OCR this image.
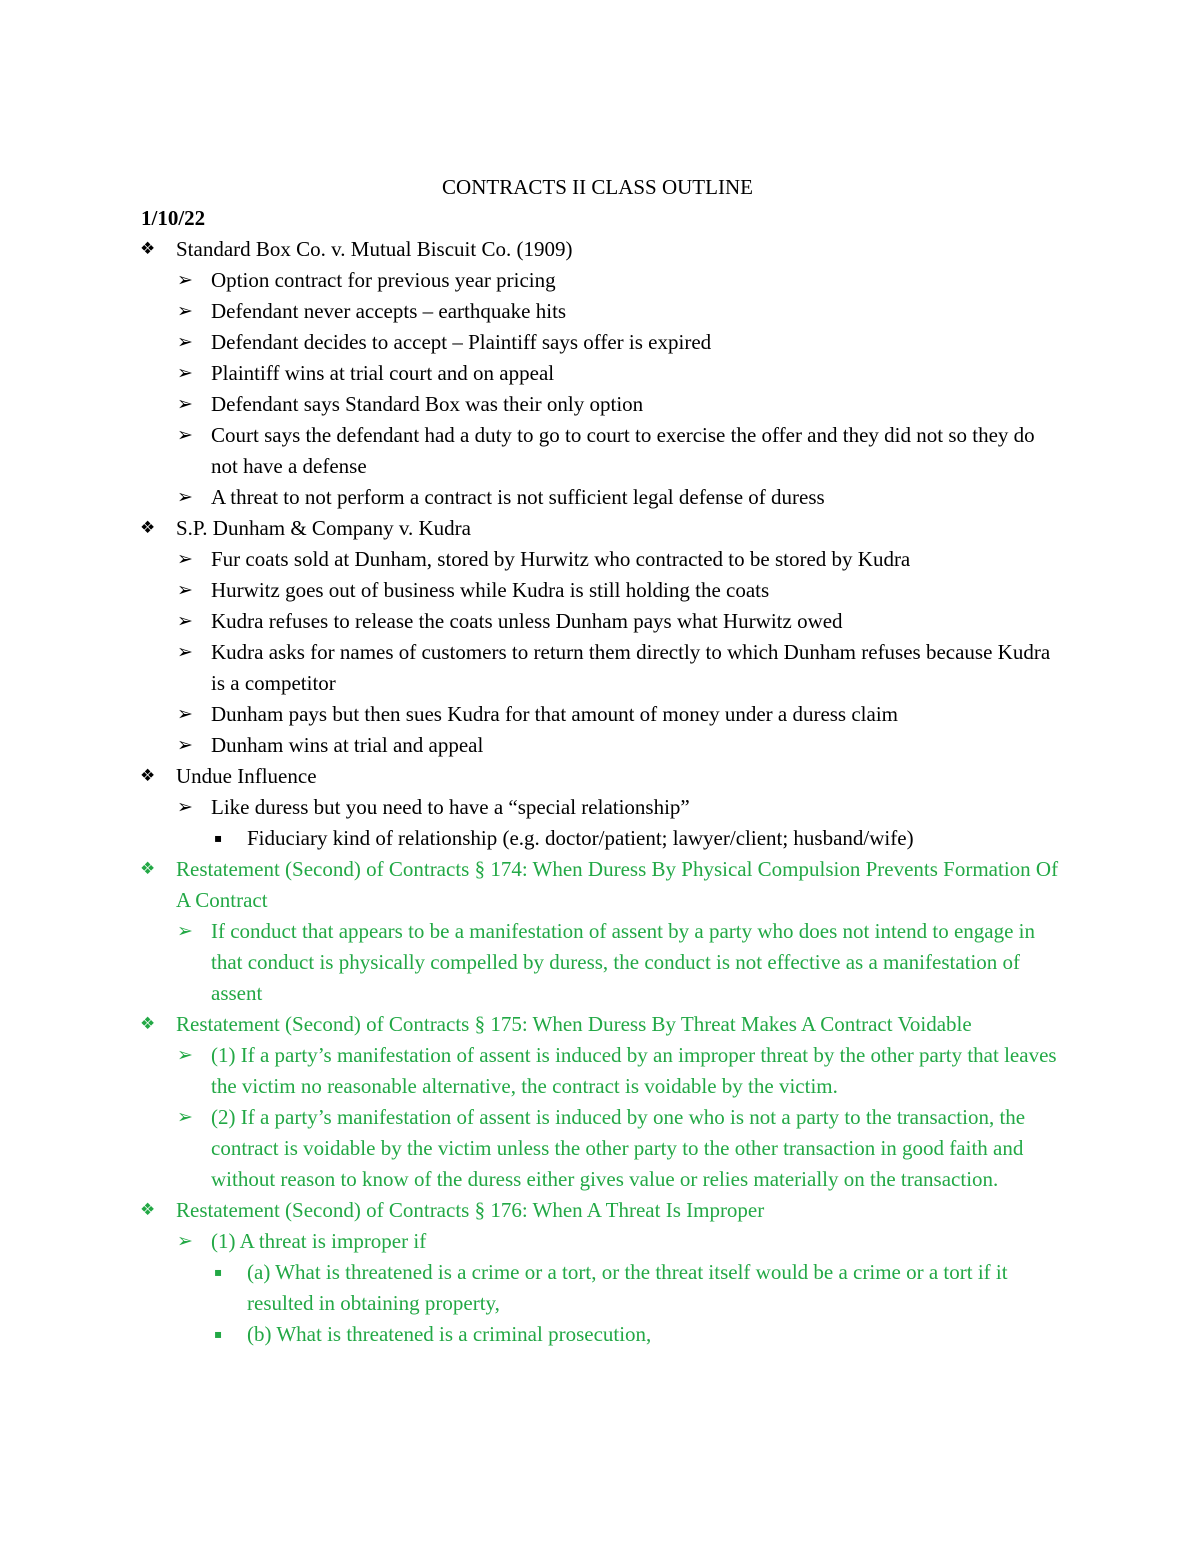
CONTRACTS II CLASS OUTLINE
1/10/22
❖ Standard Box Co. v. Mutual Biscuit Co. (1909)
➢ Option contract for previous year pricing
➢ Defendant never accepts – earthquake hits
➢ Defendant decides to accept – Plaintiff says offer is expired
➢ Plaintiff wins at trial court and on appeal
➢ Defendant says Standard Box was their only option
➢ Court says the defendant had a duty to go to court to exercise the offer and they did not so they do not have a defense
➢ A threat to not perform a contract is not sufficient legal defense of duress
❖ S.P. Dunham & Company v. Kudra
➢ Fur coats sold at Dunham, stored by Hurwitz who contracted to be stored by Kudra
➢ Hurwitz goes out of business while Kudra is still holding the coats
➢ Kudra refuses to release the coats unless Dunham pays what Hurwitz owed
➢ Kudra asks for names of customers to return them directly to which Dunham refuses because Kudra is a competitor
➢ Dunham pays but then sues Kudra for that amount of money under a duress claim
➢ Dunham wins at trial and appeal
❖ Undue Influence
➢ Like duress but you need to have a “special relationship”
▪ Fiduciary kind of relationship (e.g. doctor/patient; lawyer/client; husband/wife)
❖ Restatement (Second) of Contracts § 174: When Duress By Physical Compulsion Prevents Formation Of A Contract
➢ If conduct that appears to be a manifestation of assent by a party who does not intend to engage in that conduct is physically compelled by duress, the conduct is not effective as a manifestation of assent
❖ Restatement (Second) of Contracts § 175: When Duress By Threat Makes A Contract Voidable
➢ (1) If a party’s manifestation of assent is induced by an improper threat by the other party that leaves the victim no reasonable alternative, the contract is voidable by the victim.
➢ (2) If a party’s manifestation of assent is induced by one who is not a party to the transaction, the contract is voidable by the victim unless the other party to the other transaction in good faith and without reason to know of the duress either gives value or relies materially on the transaction.
❖ Restatement (Second) of Contracts § 176: When A Threat Is Improper
➢ (1) A threat is improper if
▪ (a) What is threatened is a crime or a tort, or the threat itself would be a crime or a tort if it resulted in obtaining property,
▪ (b) What is threatened is a criminal prosecution,
